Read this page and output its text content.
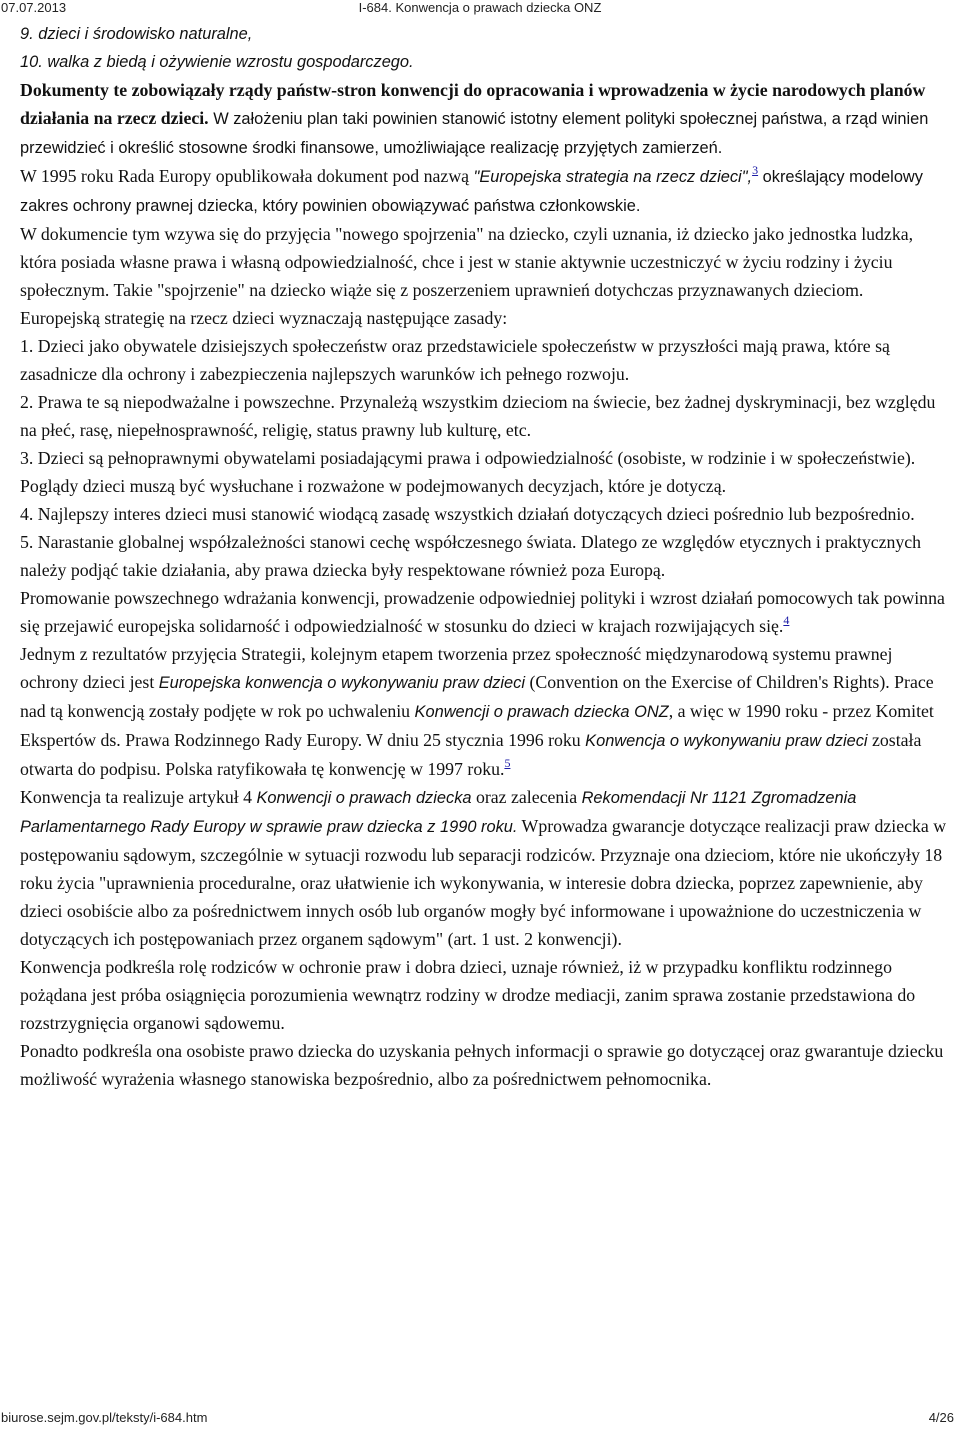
07.07.2013	I-684. Konwencja o prawach dziecka ONZ

9. dzieci i środowisko naturalne,

10. walka z biedą i ożywienie wzrostu gospodarczego.

Dokumenty te zobowiązały rządy państw-stron konwencji do opracowania i wprowadzenia w życie narodowych planów działania na rzecz dzieci. W założeniu plan taki powinien stanowić istotny element polityki społecznej państwa, a rząd winien przewidzieć i określić stosowne środki finansowe, umożliwiające realizację przyjętych zamierzeń.

W 1995 roku Rada Europy opublikowała dokument pod nazwą "Europejska strategia na rzecz dzieci",$^3$ określający modelowy zakres ochrony prawnej dziecka, który powinien obowiązywać państwa członkowskie.

W dokumencie tym wzywa się do przyjęcia "nowego spojrzenia" na dziecko, czyli uznania, iż dziecko jako jednostka ludzka, która posiada własne prawa i własną odpowiedzialność, chce i jest w stanie aktywnie uczestniczyć w życiu rodziny i życiu społecznym. Takie "spojrzenie" na dziecko wiąże się z poszerzeniem uprawnień dotychczas przyznawanych dzieciom.

Europejską strategię na rzecz dzieci wyznaczają następujące zasady:

1. Dzieci jako obywatele dzisiejszych społeczeństw oraz przedstawiciele społeczeństw w przyszłości mają prawa, które są zasadnicze dla ochrony i zabezpieczenia najlepszych warunków ich pełnego rozwoju.

2. Prawa te są niepodważalne i powszechne. Przynależą wszystkim dzieciom na świecie, bez żadnej dyskryminacji, bez względu na płeć, rasę, niepełnosprawność, religię, status prawny lub kulturę, etc.

3. Dzieci są pełnoprawnymi obywatelami posiadającymi prawa i odpowiedzialność (osobiste, w rodzinie i w społeczeństwie). Poglądy dzieci muszą być wysłuchane i rozważone w podejmowanych decyzjach, które je dotyczą.

4. Najlepszy interes dzieci musi stanowić wiodącą zasadę wszystkich działań dotyczących dzieci pośrednio lub bezpośrednio.

5. Narastanie globalnej współzależności stanowi cechę współczesnego świata. Dlatego ze względów etycznych i praktycznych należy podjąć takie działania, aby prawa dziecka były respektowane również poza Europą.

Promowanie powszechnego wdrażania konwencji, prowadzenie odpowiedniej polityki i wzrost działań pomocowych tak powinna się przejawić europejska solidarność i odpowiedzialność w stosunku do dzieci w krajach rozwijających się.$^4$

Jednym z rezultatów przyjęcia Strategii, kolejnym etapem tworzenia przez społeczność międzynarodową systemu prawnej ochrony dzieci jest Europejska konwencja o wykonywaniu praw dzieci (Convention on the Exercise of Children's Rights). Prace nad tą konwencją zostały podjęte w rok po uchwaleniu Konwencji o prawach dziecka ONZ, a więc w 1990 roku - przez Komitet Ekspertów ds. Prawa Rodzinnego Rady Europy. W dniu 25 stycznia 1996 roku Konwencja o wykonywaniu praw dzieci została otwarta do podpisu. Polska ratyfikowała tę konwencję w 1997 roku.$^5$

Konwencja ta realizuje artykuł 4 Konwencji o prawach dziecka oraz zalecenia Rekomendacji Nr 1121 Zgromadzenia Parlamentarnego Rady Europy w sprawie praw dziecka z 1990 roku. Wprowadza gwarancje dotyczące realizacji praw dziecka w postępowaniu sądowym, szczególnie w sytuacji rozwodu lub separacji rodziców. Przyznaje ona dzieciom, które nie ukończyły 18 roku życia "uprawnienia proceduralne, oraz ułatwienie ich wykonywania, w interesie dobra dziecka, poprzez zapewnienie, aby dzieci osobiście albo za pośrednictwem innych osób lub organów mogły być informowane i upoważnione do uczestniczenia w dotyczących ich postępowaniach przez organem sądowym" (art. 1 ust. 2 konwencji).

Konwencja podkreśla rolę rodziców w ochronie praw i dobra dzieci, uznaje również, iż w przypadku konfliktu rodzinnego pożądana jest próba osiągnięcia porozumienia wewnątrz rodziny w drodze mediacji, zanim sprawa zostanie przedstawiona do rozstrzygnięcia organowi sądowemu.

Ponadto podkreśla ona osobiste prawo dziecka do uzyskania pełnych informacji o sprawie go dotyczącej oraz gwarantuje dziecku możliwość wyrażenia własnego stanowiska bezpośrednio, albo za pośrednictwem pełnomocnika.

biurose.sejm.gov.pl/teksty/i-684.htm	4/26
